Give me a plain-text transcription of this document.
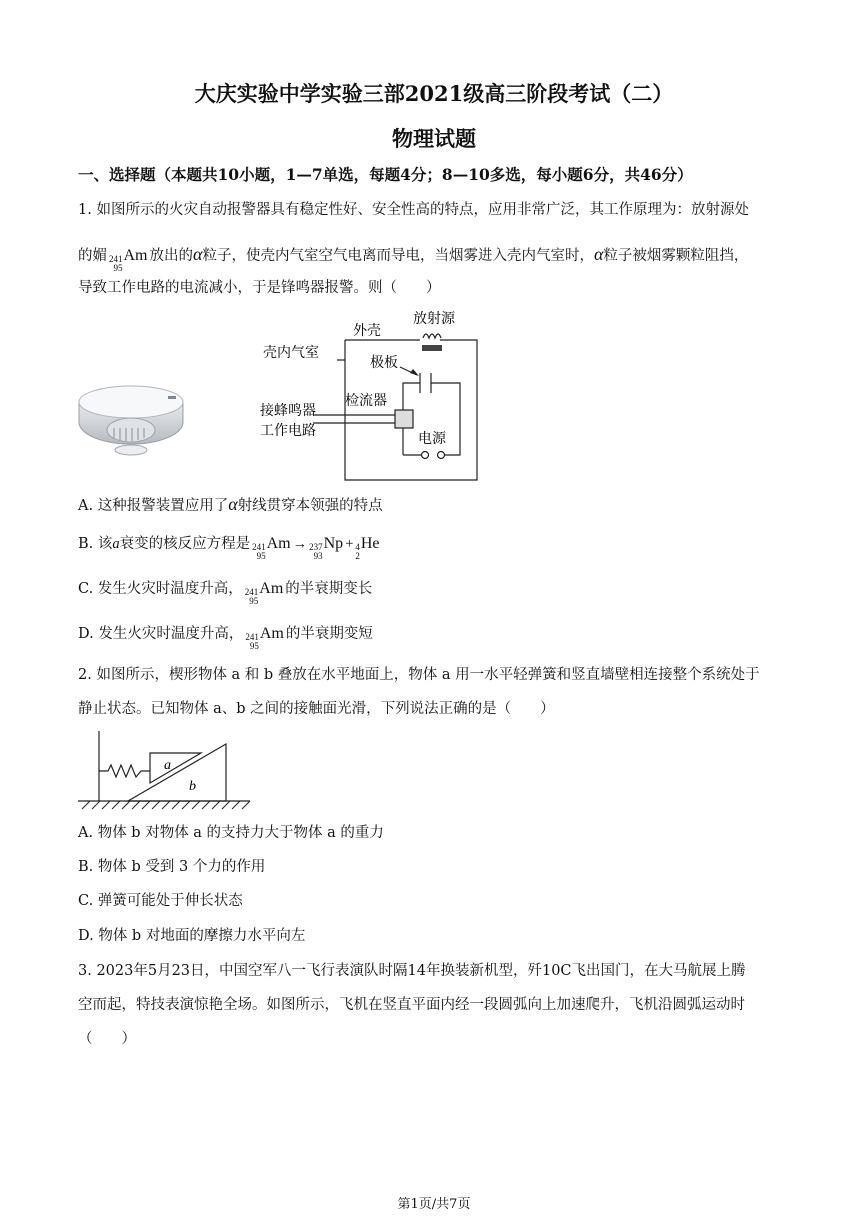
大庆实验中学实验三部2021级高三阶段考试（二）
物理试题
一、选择题（本题共10小题，1—7单选，每题4分；8—10多选，每小题6分，共46分）
1. 如图所示的火灾自动报警器具有稳定性好、安全性高的特点，应用非常广泛，其工作原理为：放射源处
的媚 241
95
Am 放出的α粒子，使壳内气室空气电离而导电，当烟雾进入壳内气室时，α粒子被烟雾颗粒阻挡，
导致工作电路的电流减小，于是锋鸣器报警。则（　　）
外壳
放射源
壳内气室
极板
检流器
接蜂鸣器
工作电路	电源
A. 这种报警装置应用了α射线贯穿本领强的特点
B. 该a衰变的核反应方程是 241
95
Am → 237
93
Np + 4
2
He
C. 发生火灾时温度升高， 241
95
Am 的半衰期变长
D. 发生火灾时温度升高， 241
95
Am 的半衰期变短
2. 如图所示，楔形物体 a 和 b 叠放在水平地面上，物体 a 用一水平轻弹簧和竖直墙壁相连接整个系统处于
静止状态。已知物体 a、b 之间的接触面光滑，下列说法正确的是（　　）
a
b
A. 物体 b 对物体 a 的支持力大于物体 a 的重力
B. 物体 b 受到 3 个力的作用
C. 弹簧可能处于伸长状态
D. 物体 b 对地面的摩擦力水平向左
3. 2023年5月23日，中国空军八一飞行表演队时隔14年换装新机型，歼10C飞出国门，在大马航展上腾
空而起，特技表演惊艳全场。如图所示，飞机在竖直平面内经一段圆弧向上加速爬升，飞机沿圆弧运动时
（　　）
第1页/共7页
